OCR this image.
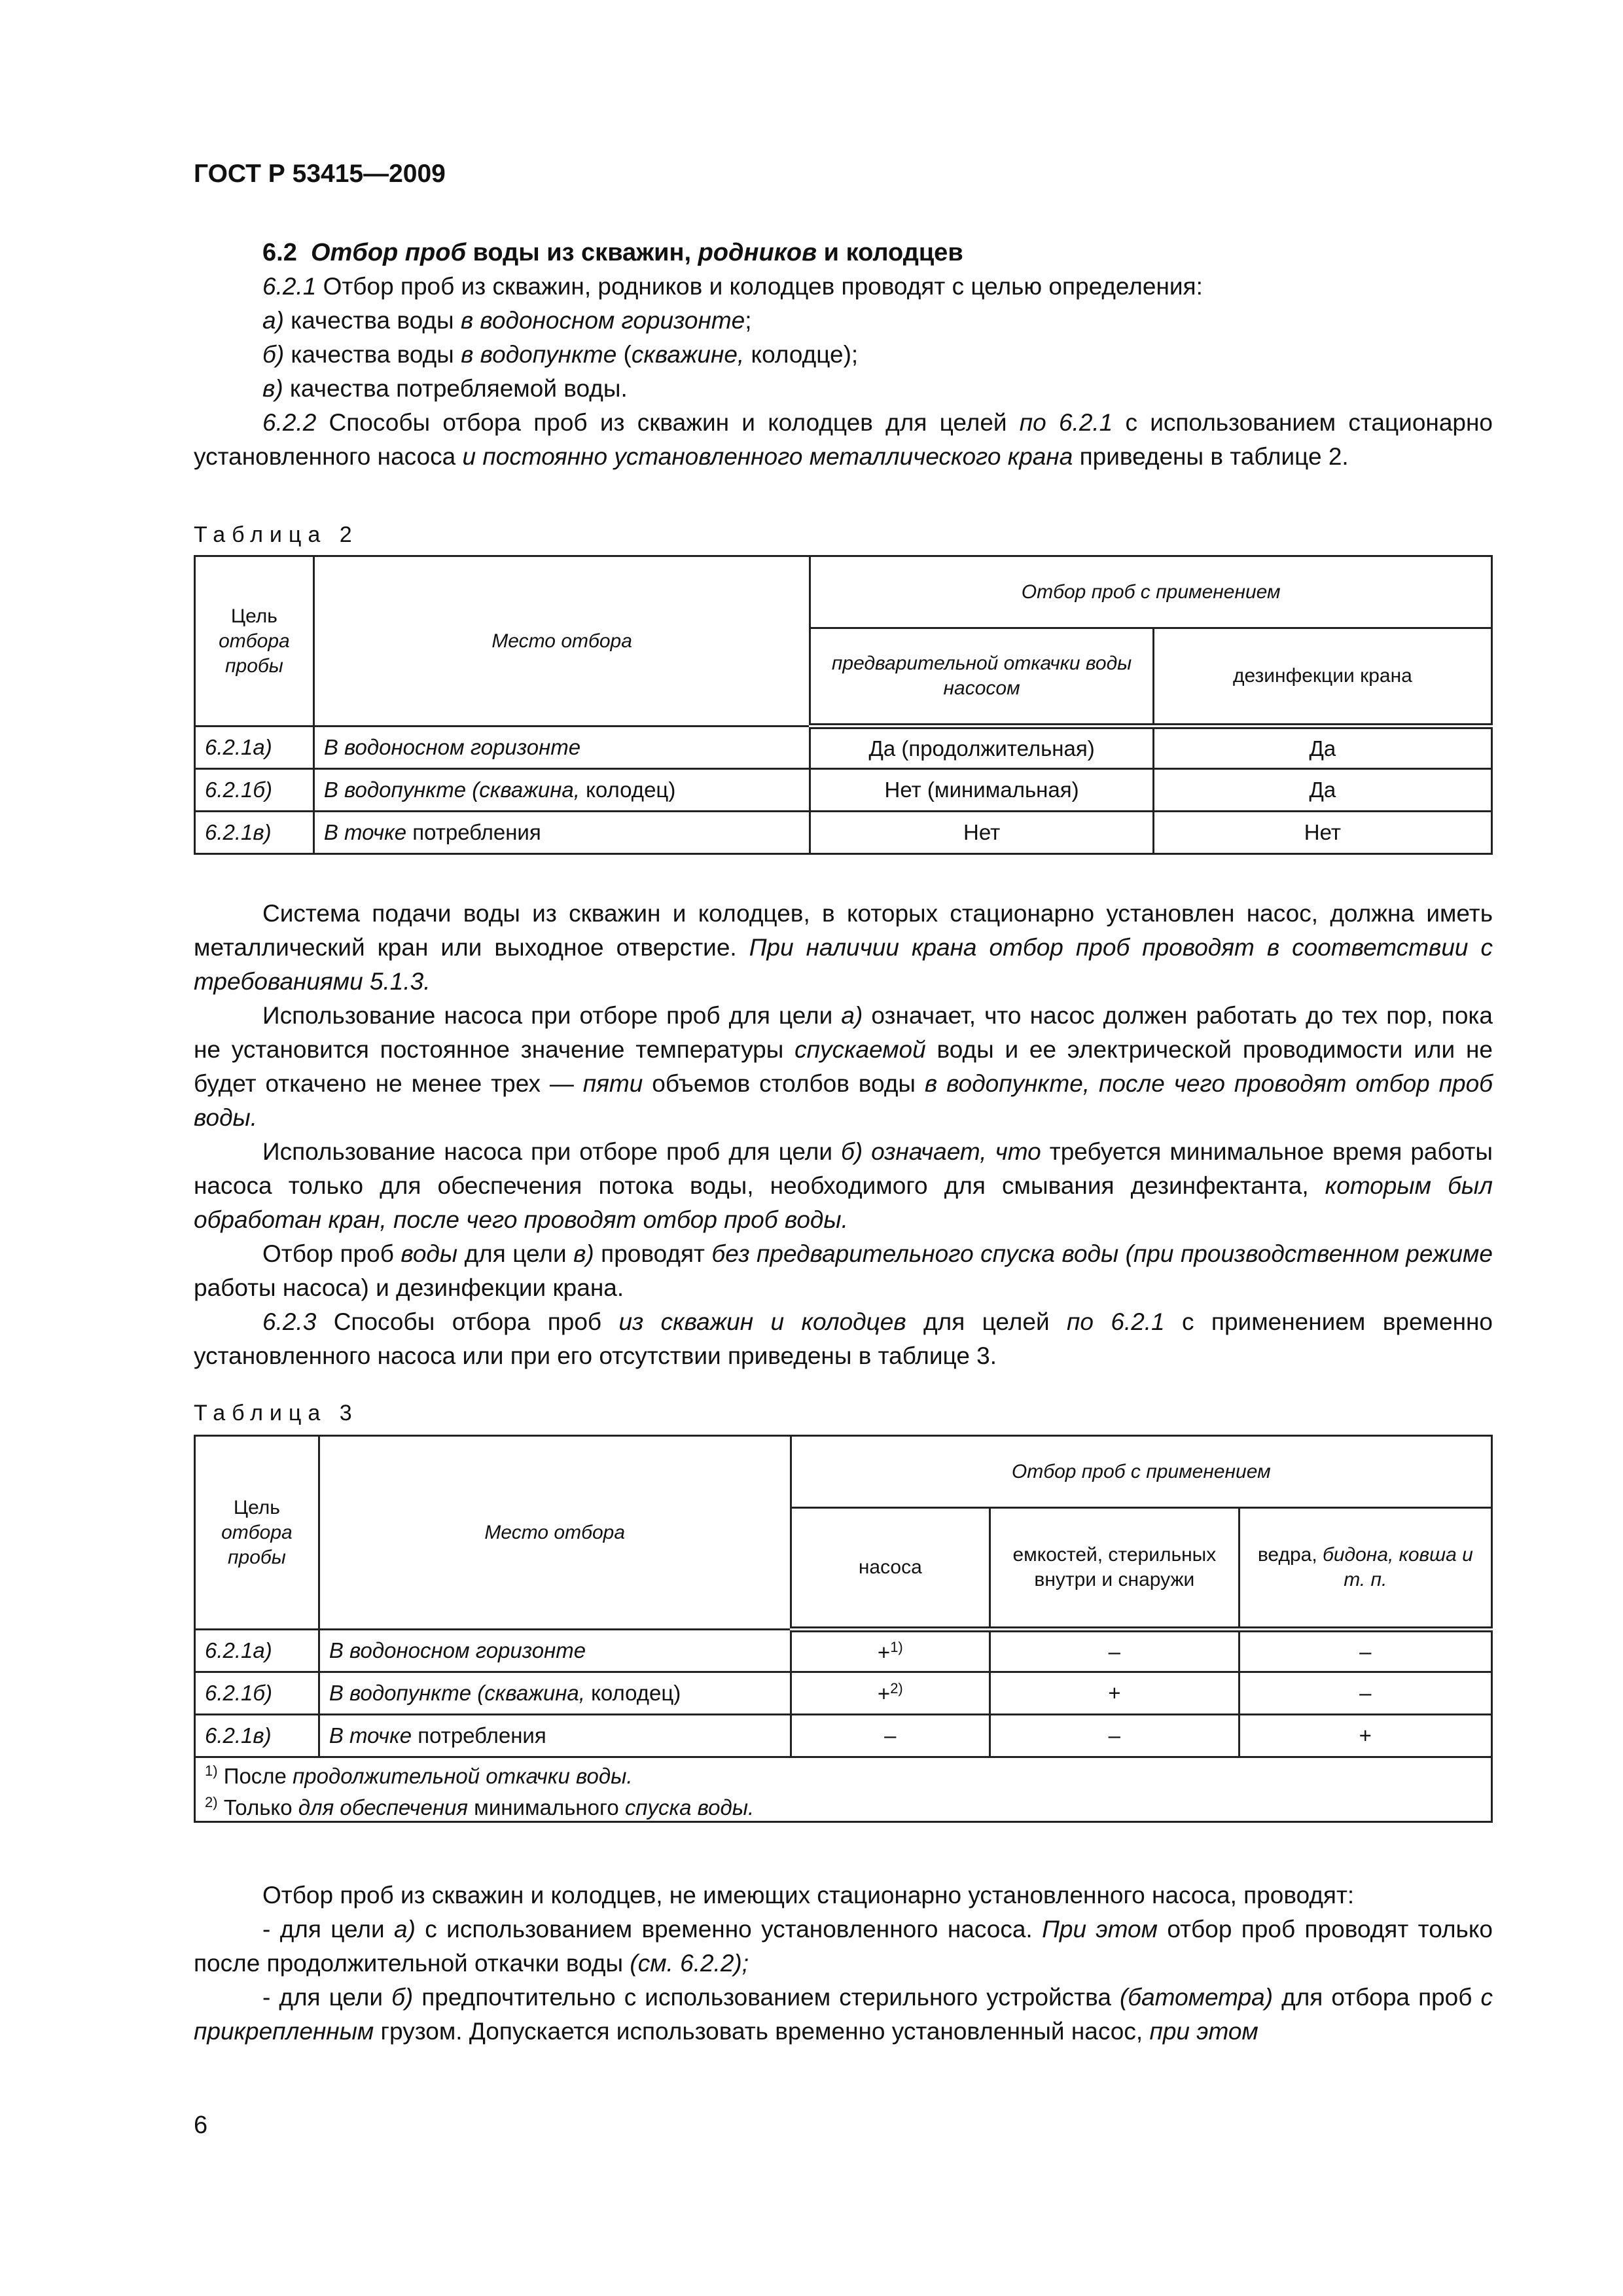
ГОСТ Р 53415—2009

6.2 Отбор проб воды из скважин, родников и колодцев

6.2.1 Отбор проб из скважин, родников и колодцев проводят с целью определения:

а) качества воды в водоносном горизонте;

б) качества воды в водопункте (скважине, колодце);

в) качества потребляемой воды.

6.2.2 Способы отбора проб из скважин и колодцев для целей по 6.2.1 с использованием стационарно установленного насоса и постоянно установленного металлического крана приведены в таблице 2.

Таблица 2
Цель
отбора
пробы	Место отбора	Отбор проб с применением	
		предварительной откачки воды насосом	дезинфекции крана
6.2.1а)	В водоносном горизонте	Да (продолжительная)	Да
6.2.1б)	В водопункте (скважина, колодец)	Нет (минимальная)	Да
6.2.1в)	В точке потребления	Нет	Нет

Система подачи воды из скважин и колодцев, в которых стационарно установлен насос, должна иметь металлический кран или выходное отверстие. При наличии крана отбор проб проводят в соответствии с требованиями 5.1.3.

Использование насоса при отборе проб для цели а) означает, что насос должен работать до тех пор, пока не установится постоянное значение температуры спускаемой воды и ее электрической проводимости или не будет откачено не менее трех — пяти объемов столбов воды в водопункте, после чего проводят отбор проб воды.

Использование насоса при отборе проб для цели б) означает, что требуется минимальное время работы насоса только для обеспечения потока воды, необходимого для смывания дезинфектанта, которым был обработан кран, после чего проводят отбор проб воды.

Отбор проб воды для цели в) проводят без предварительного спуска воды (при производственном режиме работы насоса) и дезинфекции крана.

6.2.3 Способы отбора проб из скважин и колодцев для целей по 6.2.1 с применением временно установленного насоса или при его отсутствии приведены в таблице 3.

Таблица 3
Цель
отбора
пробы	Место отбора	Отбор проб с применением		
		насоса	емкостей, стерильных внутри и снаружи	ведра, бидона, ковша и т. п.
6.2.1а)	В водоносном горизонте	+$^{1)}$	–	–
6.2.1б)	В водопункте (скважина, колодец)	+$^{2)}$	+	–
6.2.1в)	В точке потребления	–	–	+

$^{1)}$ После продолжительной откачки воды.
$^{2)}$ Только для обеспечения минимального спуска воды.				

Отбор проб из скважин и колодцев, не имеющих стационарно установленного насоса, проводят:

- для цели а) с использованием временно установленного насоса. При этом отбор проб проводят только после продолжительной откачки воды (см. 6.2.2);

- для цели б) предпочтительно с использованием стерильного устройства (батометра) для отбора проб с прикрепленным грузом. Допускается использовать временно установленный насос, при этом

6
